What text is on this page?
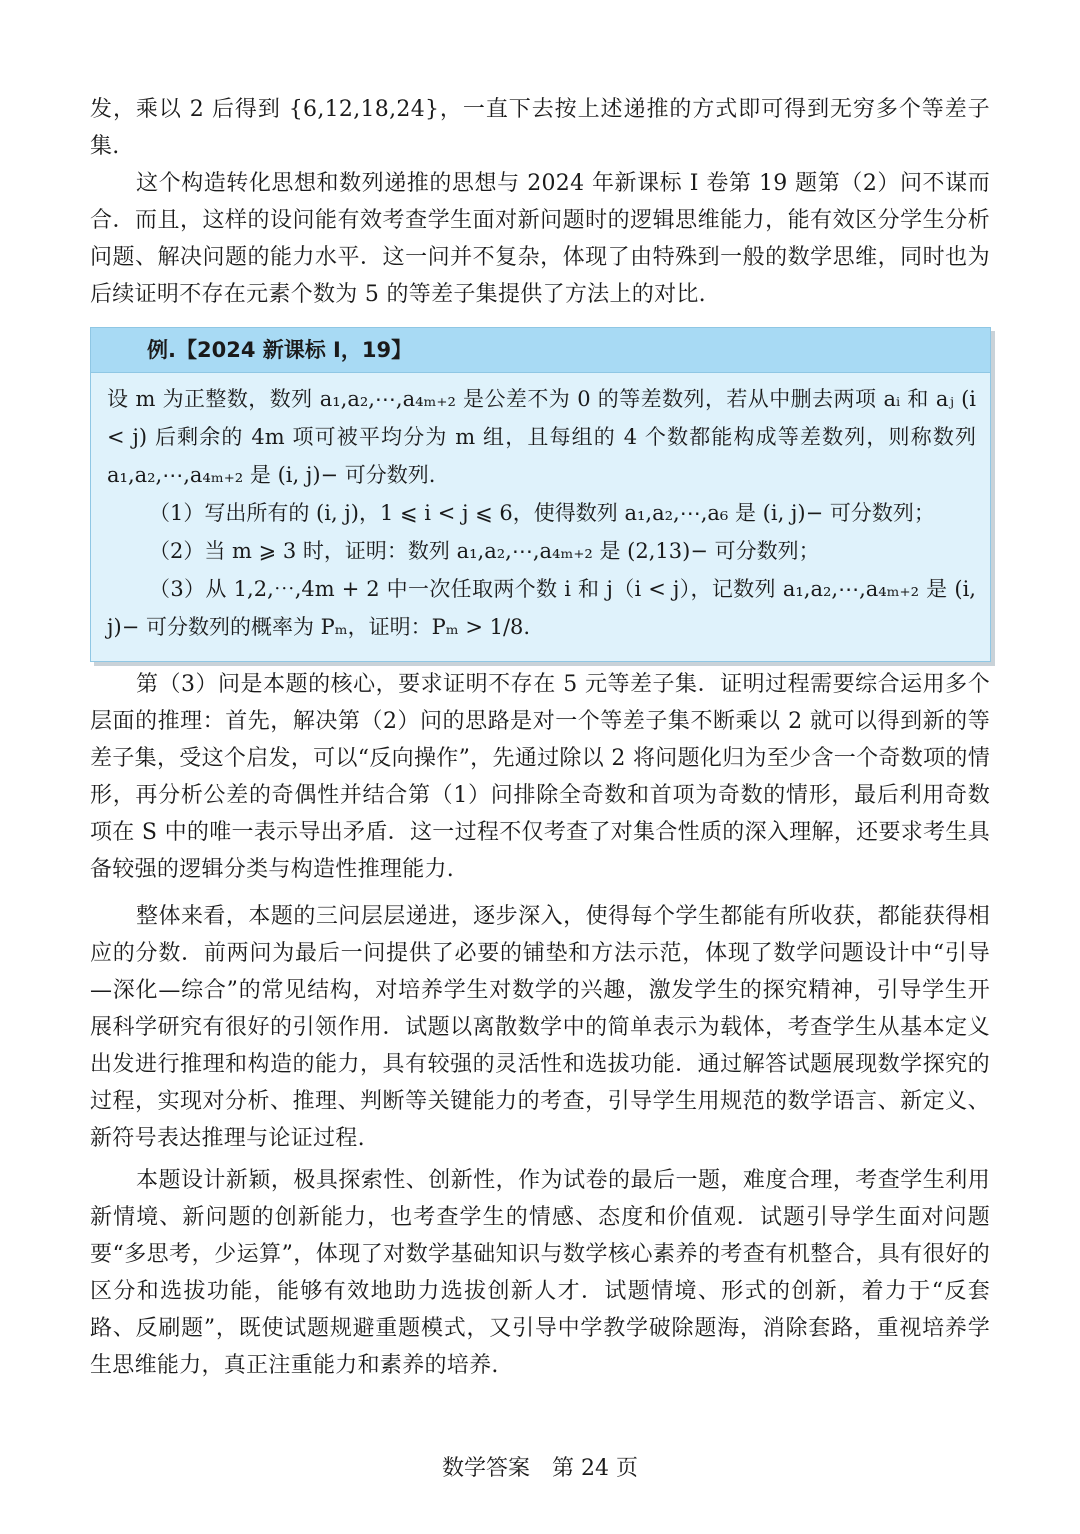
发，乘以 2 后得到 {6,12,18,24}，一直下去按上述递推的方式即可得到无穷多个等差子集.

这个构造转化思想和数列递推的思想与 2024 年新课标 I 卷第 19 题第（2）问不谋而合．而且，这样的设问能有效考查学生面对新问题时的逻辑思维能力，能有效区分学生分析问题、解决问题的能力水平．这一问并不复杂，体现了由特殊到一般的数学思维，同时也为后续证明不存在元素个数为 5 的等差子集提供了方法上的对比.

例.【2024 新课标 I，19】

设 m 为正整数，数列 a₁,a₂,⋯,a₄ₘ₊₂ 是公差不为 0 的等差数列，若从中删去两项 aᵢ 和 aⱼ (i < j) 后剩余的 4m 项可被平均分为 m 组，且每组的 4 个数都能构成等差数列，则称数列 a₁,a₂,⋯,a₄ₘ₊₂ 是 (i, j)− 可分数列.

（1）写出所有的 (i, j)，1 ⩽ i < j ⩽ 6，使得数列 a₁,a₂,⋯,a₆ 是 (i, j)− 可分数列；

（2）当 m ⩾ 3 时，证明：数列 a₁,a₂,⋯,a₄ₘ₊₂ 是 (2,13)− 可分数列；

（3）从 1,2,⋯,4m + 2 中一次任取两个数 i 和 j（i < j），记数列 a₁,a₂,⋯,a₄ₘ₊₂ 是 (i, j)− 可分数列的概率为 Pₘ，证明：Pₘ > 1/8.

第（3）问是本题的核心，要求证明不存在 5 元等差子集．证明过程需要综合运用多个层面的推理：首先，解决第（2）问的思路是对一个等差子集不断乘以 2 就可以得到新的等差子集，受这个启发，可以“反向操作”，先通过除以 2 将问题化归为至少含一个奇数项的情形，再分析公差的奇偶性并结合第（1）问排除全奇数和首项为奇数的情形，最后利用奇数项在 S 中的唯一表示导出矛盾．这一过程不仅考查了对集合性质的深入理解，还要求考生具备较强的逻辑分类与构造性推理能力.

整体来看，本题的三问层层递进，逐步深入，使得每个学生都能有所收获，都能获得相应的分数．前两问为最后一问提供了必要的铺垫和方法示范，体现了数学问题设计中“引导—深化—综合”的常见结构，对培养学生对数学的兴趣，激发学生的探究精神，引导学生开展科学研究有很好的引领作用．试题以离散数学中的简单表示为载体，考查学生从基本定义出发进行推理和构造的能力，具有较强的灵活性和选拔功能．通过解答试题展现数学探究的过程，实现对分析、推理、判断等关键能力的考查，引导学生用规范的数学语言、新定义、新符号表达推理与论证过程.

本题设计新颖，极具探索性、创新性，作为试卷的最后一题，难度合理，考查学生利用新情境、新问题的创新能力，也考查学生的情感、态度和价值观．试题引导学生面对问题要“多思考，少运算”，体现了对数学基础知识与数学核心素养的考查有机整合，具有很好的区分和选拔功能，能够有效地助力选拔创新人才．试题情境、形式的创新，着力于“反套路、反刷题”，既使试题规避重题模式，又引导中学教学破除题海，消除套路，重视培养学生思维能力，真正注重能力和素养的培养.

数学答案　第 24 页
